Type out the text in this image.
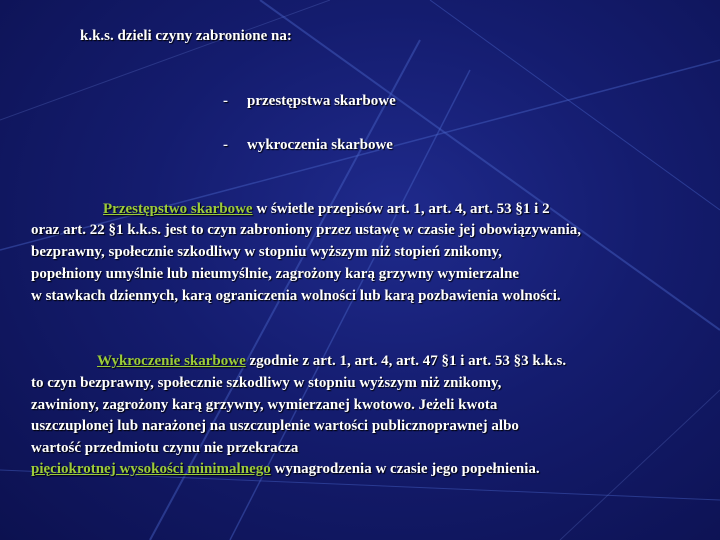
k.k.s. dzieli czyny zabronione na:

- przestępstwa skarbowe

- wykroczenia skarbowe

Przestępstwo skarbowe w świetle przepisów art. 1, art. 4, art. 53 §1 i 2

oraz art. 22 §1 k.k.s. jest to czyn zabroniony przez ustawę w czasie jej obowiązywania,

bezprawny, społecznie szkodliwy w stopniu wyższym niż stopień znikomy,

popełniony umyślnie lub nieumyślnie, zagrożony karą grzywny wymierzalne

w stawkach dziennych, karą ograniczenia wolności lub karą pozbawienia wolności.

Wykroczenie skarbowe zgodnie z art. 1, art. 4, art. 47 §1 i art. 53 §3 k.k.s.

to czyn bezprawny, społecznie szkodliwy w stopniu wyższym niż znikomy,

zawiniony, zagrożony karą grzywny, wymierzanej kwotowo. Jeżeli kwota

uszczuplonej lub narażonej na uszczuplenie wartości publicznoprawnej albo

wartość przedmiotu czynu nie przekracza

pięciokrotnej wysokości minimalnego wynagrodzenia w czasie jego popełnienia.
